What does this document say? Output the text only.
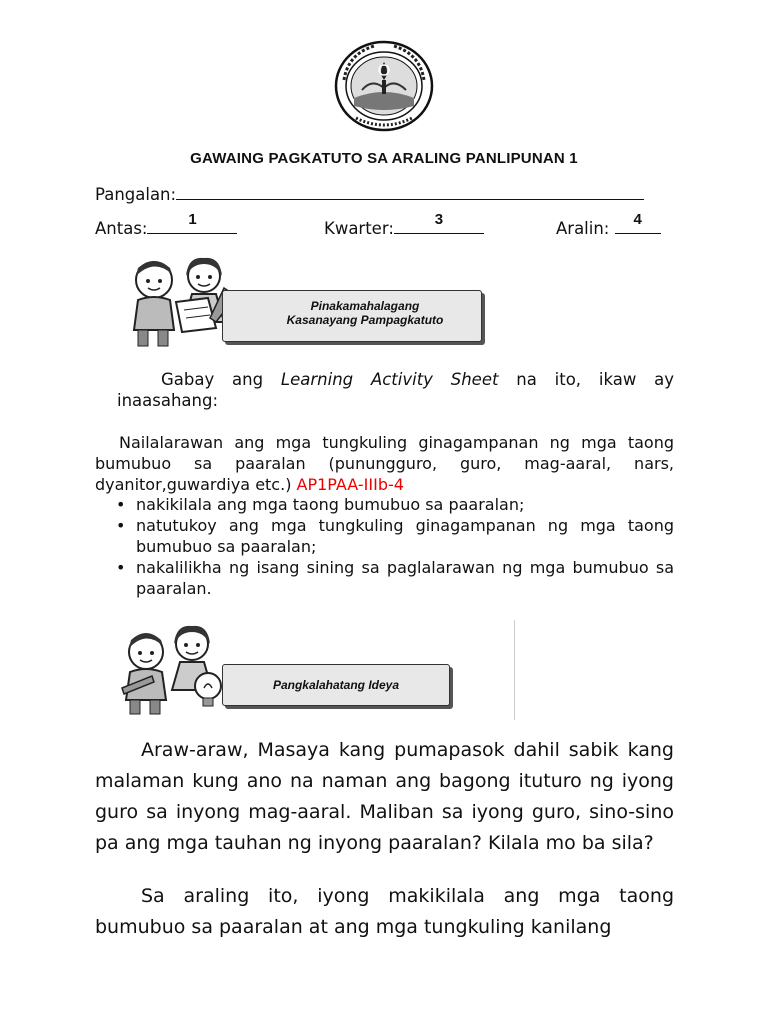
GAWAING PAGKATUTO SA ARALING PANLIPUNAN 1
Pangalan:
Antas:	1	Kwarter:	3	Aralin:	4
Pinakamahalagang
Kasanayang Pampagkatuto
Gabay ang Learning Activity Sheet na ito, ikaw ay inaasahang:
Nailalarawan ang mga tungkuling ginagampanan ng mga taong bumubuo sa paaralan (punungguro, guro, mag-aaral, nars, dyanitor,guwardiya etc.) AP1PAA-IIIb-4
• nakikilala ang mga taong bumubuo sa paaralan;
• natutukoy ang mga tungkuling ginagampanan ng mga taong bumubuo sa paaralan;
• nakalilikha ng isang sining sa paglalarawan ng mga bumubuo sa paaralan.
Pangkalahatang Ideya
Araw-araw, Masaya kang pumapasok dahil sabik kang malaman kung ano na naman ang bagong ituturo ng iyong guro sa inyong mag-aaral. Maliban sa iyong guro, sino-sino pa ang mga tauhan ng inyong paaralan? Kilala mo ba sila?
Sa araling ito, iyong makikilala ang mga taong bumubuo sa paaralan at ang mga tungkuling kanilang
